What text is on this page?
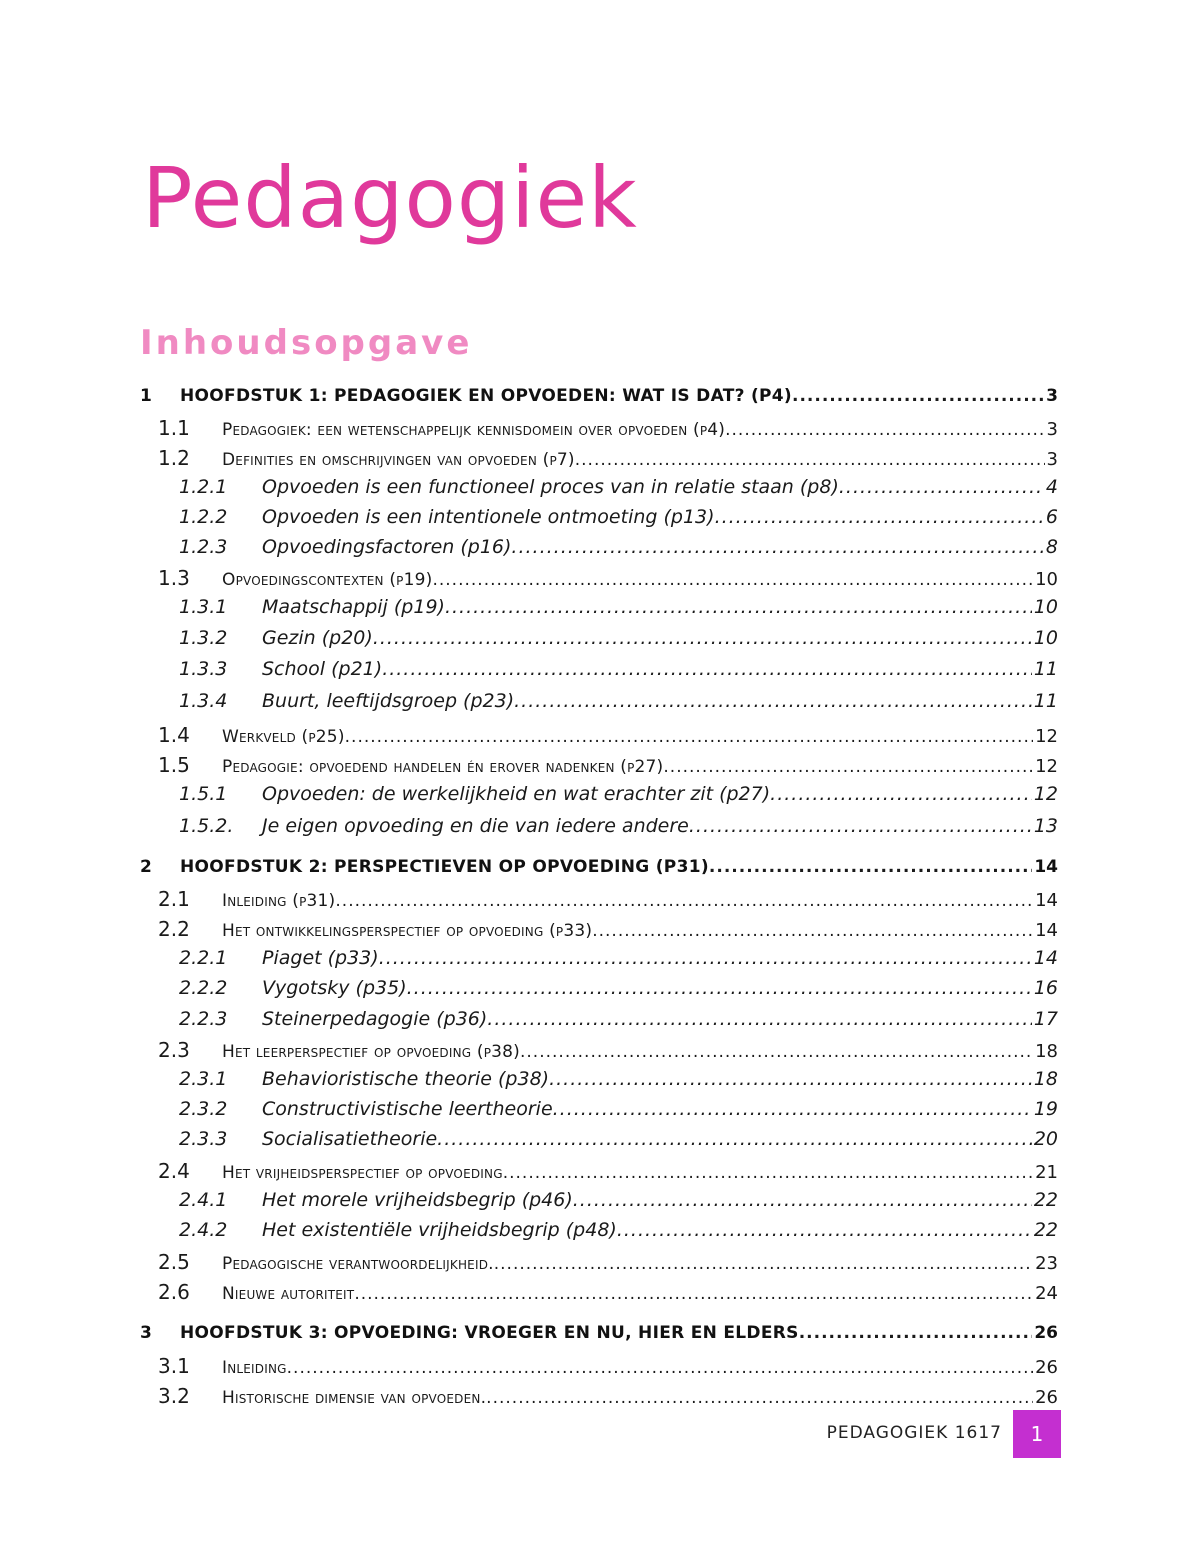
Pedagogiek
Inhoudsopgave
1	HOOFDSTUK 1: PEDAGOGIEK EN OPVOEDEN: WAT IS DAT? (P4) .....	3
1.1	Pedagogiek: een wetenschappelijk kennisdomein over opvoeden (p4) .....	3
1.2	Definities en omschrijvingen van opvoeden (p7) .....	3
1.2.1	Opvoeden is een functioneel proces van in relatie staan (p8) .....	4
1.2.2	Opvoeden is een intentionele ontmoeting (p13) .....	6
1.2.3	Opvoedingsfactoren (p16) .....	8
1.3	Opvoedingscontexten (p19) .....	10
1.3.1	Maatschappij (p19) .....	10
1.3.2	Gezin (p20) .....	10
1.3.3	School (p21) .....	11
1.3.4	Buurt, leeftijdsgroep (p23) .....	11
1.4	Werkveld (p25) .....	12
1.5	Pedagogie: opvoedend handelen én erover nadenken (p27) .....	12
1.5.1	Opvoeden: de werkelijkheid en wat erachter zit (p27) .....	12
1.5.2.	Je eigen opvoeding en die van iedere andere .....	13
2	HOOFDSTUK 2: PERSPECTIEVEN OP OPVOEDING (P31) .....	14
2.1	Inleiding (p31) .....	14
2.2	Het ontwikkelingsperspectief op opvoeding (p33) .....	14
2.2.1	Piaget (p33) .....	14
2.2.2	Vygotsky (p35) .....	16
2.2.3	Steinerpedagogie (p36) .....	17
2.3	Het leerperspectief op opvoeding (p38) .....	18
2.3.1	Behavioristische theorie (p38) .....	18
2.3.2	Constructivistische leertheorie .....	19
2.3.3	Socialisatietheorie .....	20
2.4	Het vrijheidsperspectief op opvoeding .....	21
2.4.1	Het morele vrijheidsbegrip (p46) .....	22
2.4.2	Het existentiële vrijheidsbegrip (p48) .....	22
2.5	Pedagogische verantwoordelijkheid. .....	23
2.6	Nieuwe autoriteit .....	24
3	HOOFDSTUK 3: OPVOEDING: VROEGER EN NU, HIER EN ELDERS .....	26
3.1	Inleiding .....	26
3.2	Historische dimensie van opvoeden. .....	26
PEDAGOGIEK 1617	1
